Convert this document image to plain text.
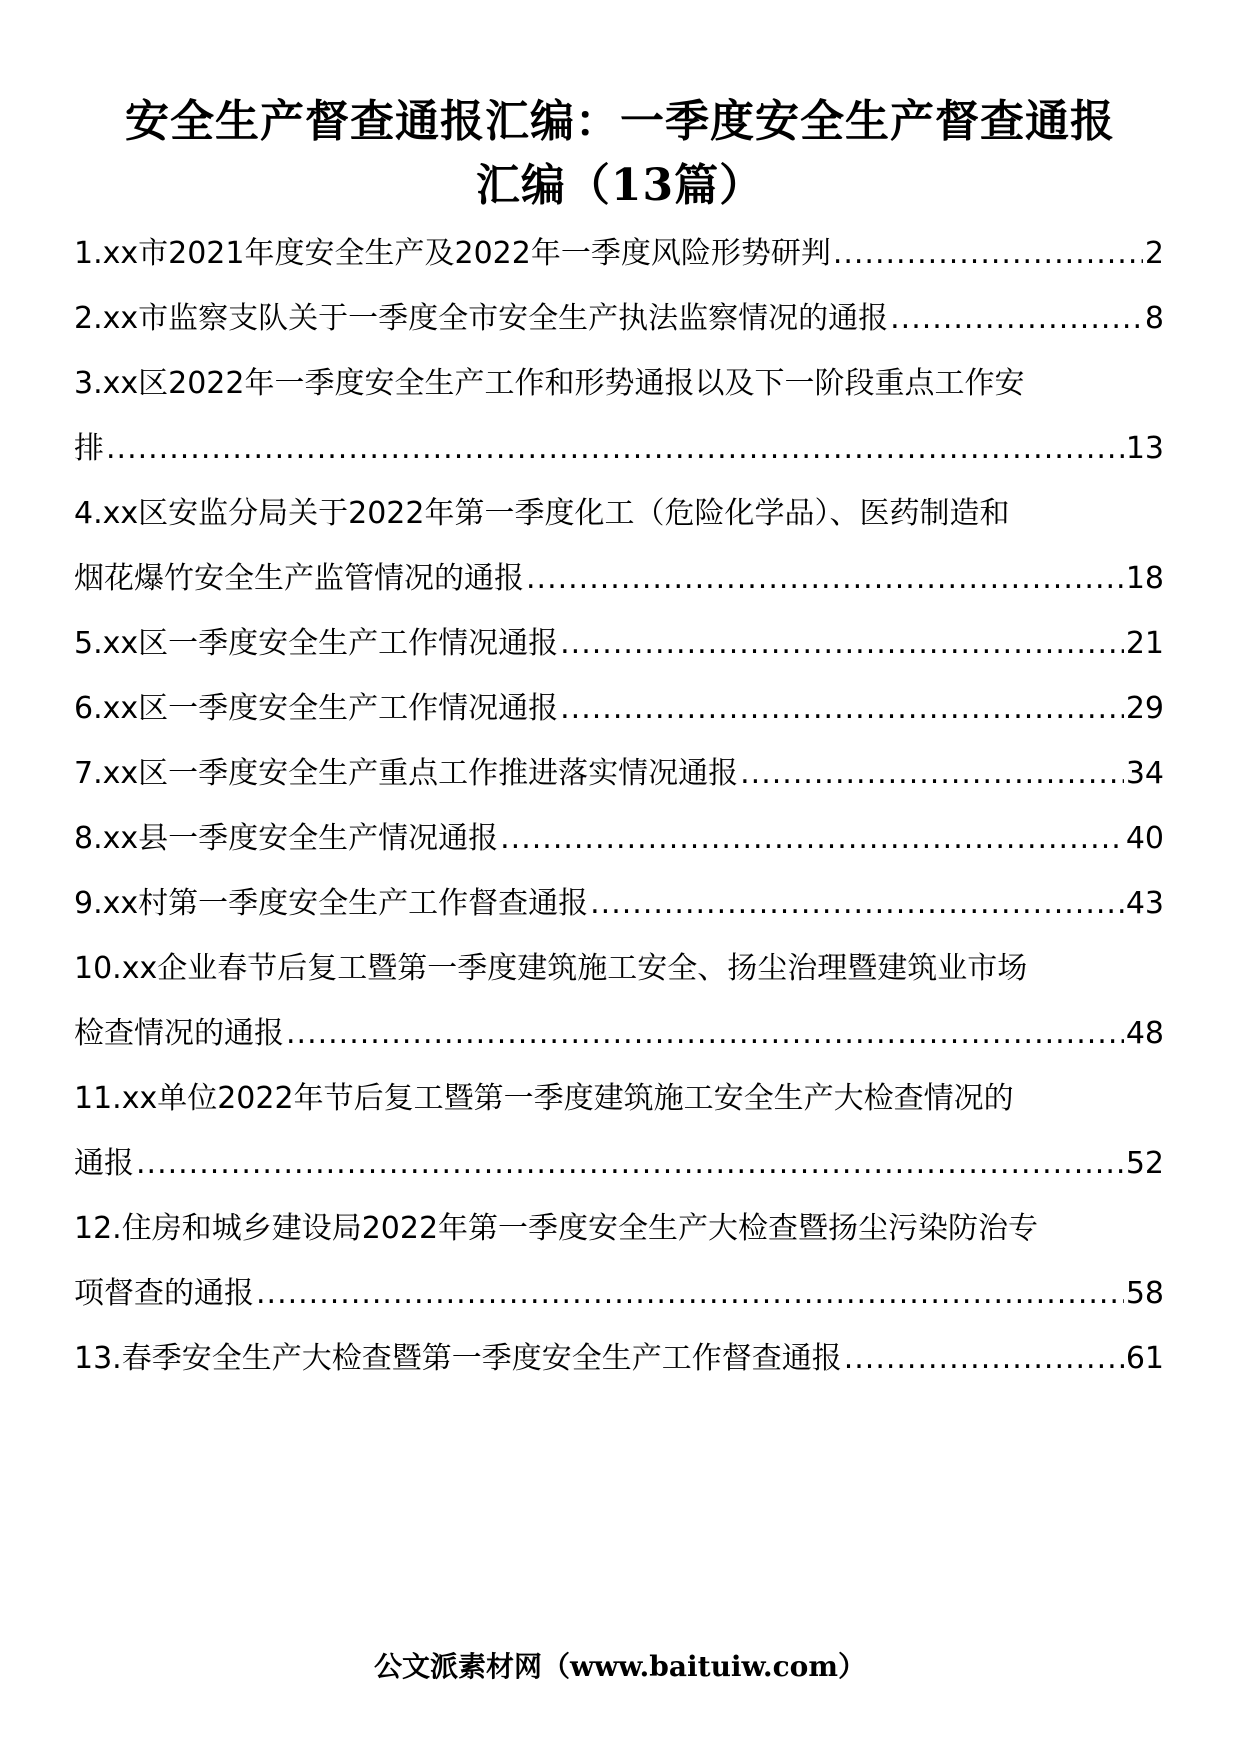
安全生产督查通报汇编：一季度安全生产督查通报
汇编（13篇）
1.xx市2021年度安全生产及2022年一季度风险形势研判 .....	2
2.xx市监察支队关于一季度全市安全生产执法监察情况的通报 .....	8
3.xx区2022年一季度安全生产工作和形势通报以及下一阶段重点工作安
排 .....	13
4.xx区安监分局关于2022年第一季度化工（危险化学品）、医药制造和
烟花爆竹安全生产监管情况的通报 .....	18
5.xx区一季度安全生产工作情况通报 .....	21
6.xx区一季度安全生产工作情况通报 .....	29
7.xx区一季度安全生产重点工作推进落实情况通报 .....	34
8.xx县一季度安全生产情况通报 .....	40
9.xx村第一季度安全生产工作督查通报 .....	43
10.xx企业春节后复工暨第一季度建筑施工安全、扬尘治理暨建筑业市场
检查情况的通报 .....	48
11.xx单位2022年节后复工暨第一季度建筑施工安全生产大检查情况的
通报 .....	52
12.住房和城乡建设局2022年第一季度安全生产大检查暨扬尘污染防治专
项督查的通报 .....	58
13.春季安全生产大检查暨第一季度安全生产工作督查通报 .....	61
公文派素材网（www.baituiw.com）
